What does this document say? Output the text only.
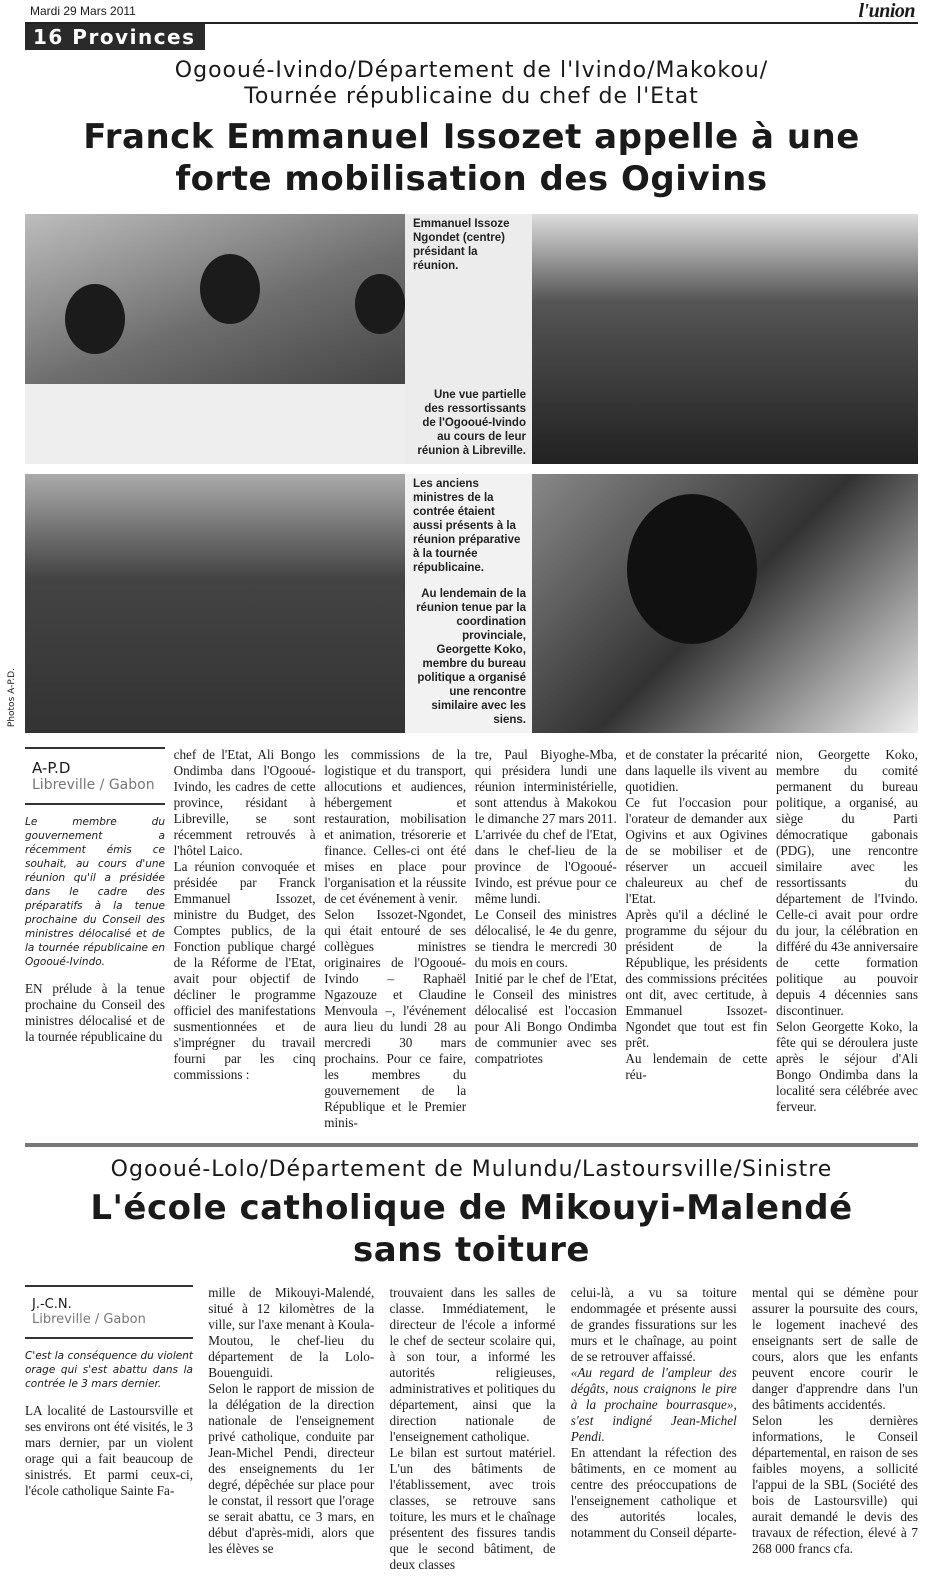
Mardi 29 Mars 2011	l'union
16 Provinces
Ogooué-Ivindo/Département de l'Ivindo/Makokou/
Tournée républicaine du chef de l'Etat
Franck Emmanuel Issozet appelle à une
forte mobilisation des Ogivins
Emmanuel Issoze Ngondet (centre) présidant la réunion.
Une vue partielle des ressortissants de l'Ogooué-Ivindo au cours de leur réunion à Libreville.
Photos A-P.D.
Les anciens ministres de la contrée étaient aussi présents à la réunion préparative à la tournée républicaine.
Au lendemain de la réunion tenue par la coordination provinciale, Georgette Koko, membre du bureau politique a organisé une rencontre similaire avec les siens.
A-P.D
Libreville / Gabon
Le membre du gouvernement a récemment émis ce souhait, au cours d'une réunion qu'il a présidée dans le cadre des préparatifs à la tenue prochaine du Conseil des ministres délocalisé et de la tournée républicaine en Ogooué-Ivindo.

EN prélude à la tenue prochaine du Conseil des ministres délocalisé et de la tournée républicaine du

chef de l'Etat, Ali Bongo Ondimba dans l'Ogooué-Ivindo, les cadres de cette province, résidant à Libreville, se sont récemment retrouvés à l'hôtel Laico.

La réunion convoquée et présidée par Franck Emmanuel Issozet, ministre du Budget, des Comptes publics, de la Fonction publique chargé de la Réforme de l'Etat, avait pour objectif de décliner le programme officiel des manifestations susmentionnées et de s'imprégner du travail fourni par les cinq commissions :

les commissions de la logistique et du transport, allocutions et audiences, hébergement et restauration, mobilisation et animation, trésorerie et finance. Celles-ci ont été mises en place pour l'organisation et la réussite de cet événement à venir.

Selon Issozet-Ngondet, qui était entouré de ses collègues ministres originaires de l'Ogooué-Ivindo – Raphaël Ngazouze et Claudine Menvoula –, l'événement aura lieu du lundi 28 au mercredi 30 mars prochains. Pour ce faire, les membres du gouvernement de la République et le Premier minis-

tre, Paul Biyoghe-Mba, qui présidera lundi une réunion interministérielle, sont attendus à Makokou le dimanche 27 mars 2011. L'arrivée du chef de l'Etat, dans le chef-lieu de la province de l'Ogooué-Ivindo, est prévue pour ce même lundi.

Le Conseil des ministres délocalisé, le 4e du genre, se tiendra le mercredi 30 du mois en cours.

Initié par le chef de l'Etat, le Conseil des ministres délocalisé est l'occasion pour Ali Bongo Ondimba de communier avec ses compatriotes

et de constater la précarité dans laquelle ils vivent au quotidien.

Ce fut l'occasion pour l'orateur de demander aux Ogivins et aux Ogivines de se mobiliser et de réserver un accueil chaleureux au chef de l'Etat.

Après qu'il a décliné le programme du séjour du président de la République, les présidents des commissions précitées ont dit, avec certitude, à Emmanuel Issozet-Ngondet que tout est fin prêt.

Au lendemain de cette réu-

nion, Georgette Koko, membre du comité permanent du bureau politique, a organisé, au siège du Parti démocratique gabonais (PDG), une rencontre similaire avec les ressortissants du département de l'Ivindo. Celle-ci avait pour ordre du jour, la célébration en différé du 43e anniversaire de cette formation politique au pouvoir depuis 4 décennies sans discontinuer.

Selon Georgette Koko, la fête qui se déroulera juste après le séjour d'Ali Bongo Ondimba dans la localité sera célébrée avec ferveur.

Ogooué-Lolo/Département de Mulundu/Lastoursville/Sinistre
L'école catholique de Mikouyi-Malendé
sans toiture
J.-C.N.
Libreville / Gabon
C'est la conséquence du violent orage qui s'est abattu dans la contrée le 3 mars dernier.

LA localité de Lastoursville et ses environs ont été visités, le 3 mars dernier, par un violent orage qui a fait beaucoup de sinistrés. Et parmi ceux-ci, l'école catholique Sainte Fa-

mille de Mikouyi-Malendé, situé à 12 kilomètres de la ville, sur l'axe menant à Koula-Moutou, le chef-lieu du département de la Lolo-Bouenguidi.

Selon le rapport de mission de la délégation de la direction nationale de l'enseignement privé catholique, conduite par Jean-Michel Pendi, directeur des enseignements du 1er degré, dépêchée sur place pour le constat, il ressort que l'orage se serait abattu, ce 3 mars, en début d'après-midi, alors que les élèves se

trouvaient dans les salles de classe. Immédiatement, le directeur de l'école a informé le chef de secteur scolaire qui, à son tour, a informé les autorités religieuses, administratives et politiques du département, ainsi que la direction nationale de l'enseignement catholique.

Le bilan est surtout matériel. L'un des bâtiments de l'établissement, avec trois classes, se retrouve sans toiture, les murs et le chaînage présentent des fissures tandis que le second bâtiment, de deux classes

celui-là, a vu sa toiture endommagée et présente aussi de grandes fissurations sur les murs et le chaînage, au point de se retrouver affaissé.

«Au regard de l'ampleur des dégâts, nous craignons le pire à la prochaine bourrasque», s'est indigné Jean-Michel Pendi.

En attendant la réfection des bâtiments, en ce moment au centre des préoccupations de l'enseignement catholique et des autorités locales, notamment du Conseil départe-

mental qui se démène pour assurer la poursuite des cours, le logement inachevé des enseignants sert de salle de cours, alors que les enfants peuvent encore courir le danger d'apprendre dans l'un des bâtiments accidentés.

Selon les dernières informations, le Conseil départemental, en raison de ses faibles moyens, a sollicité l'appui de la SBL (Société des bois de Lastoursville) qui aurait demandé le devis des travaux de réfection, élevé à 7 268 000 francs cfa.
